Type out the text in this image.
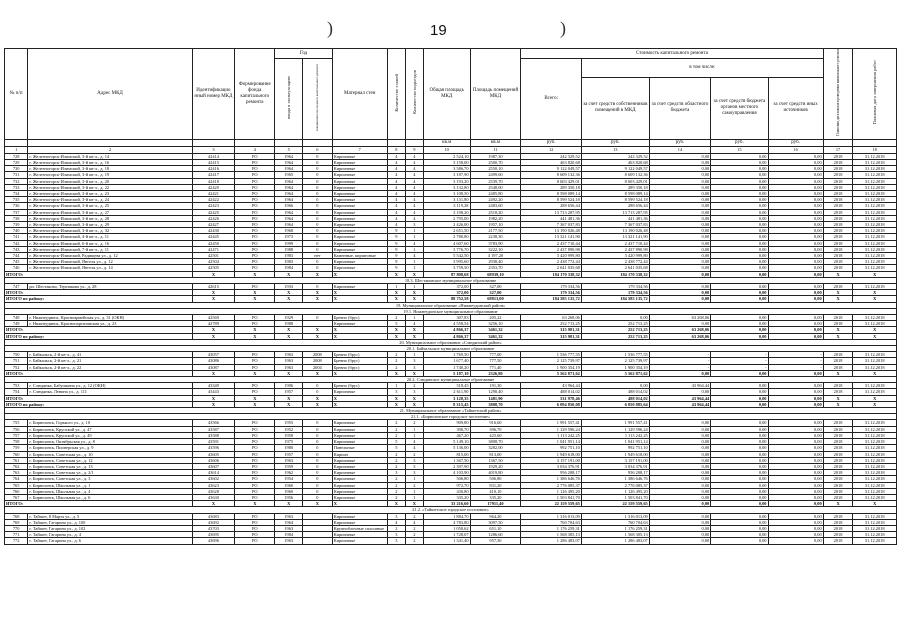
19
)	)
№ п/п	Адрес МКД	Идентификацио нный номер МКД	Формирование фонда капитального ремонта	Год		Материал стен	Количество этажей	Количество подъездов	Общая площадь МКД	Площадь помещений МКД	Стоимость капитального ремонта					Плановая дата начала проведения капитального ремонта	Плановая дата завершения работ
				ввода в эксплуатацию	завершения последнего капитального ремонта						Всего:	в том числе:					
												за счет средств собственников помещений в МКД	за счет средств областного бюджета	за счет средств бюджета органов местного самоуправления	за счет средств иных источников		
									кв.м	кв.м	руб.	руб.	руб.	руб.	руб.		
1	2	3	4	5	6	7	8	9	10	11	12	13	14	15	16	17	18
728	г. Железногорск-Илимский, 3-й кв-л., д. 14	42414	РО	1964	0	Кирпичные	4	4	2 524,10	1987,30	242 329,52	242 329,52	0,00	0,00	0,00	2018	31.12.2018
729	г. Железногорск-Илимский, 3-й кв-л., д. 16	42415	РО	1964	0	Кирпичные	4	4	3 158,00	2500,70	463 820,68	463 820,68	0,00	0,00	0,00	2018	31.12.2018
730	г. Железногорск-Илимский, 3-й кв-л., д. 18	42416	РО	1964	0	Кирпичные	4	4	3 586,70	2550,10	9 122 049,57	9 122 049,57	0,00	0,00	0,00	2018	31.12.2018
731	г. Железногорск-Илимский, 3-й кв-л., д. 19	42417	РО	1965	0	Кирпичные	4	4	3 187,90	2499,60	8 609 132,36	8 609 132,36	0,00	0,00	0,00	2018	31.12.2018
732	г. Железногорск-Илимский, 3-й кв-л., д. 20	42418	РО	1964	0	Кирпичные	4	4	3 193,20	2539,70	8 603 429,01	8 603 429,01	0,00	0,00	0,00	2018	31.12.2018
733	г. Железногорск-Илимский, 3-й кв-л., д. 22	42420	РО	1964	0	Кирпичные	4	4	3 132,80	2548,00	289 350,18	289 350,18	0,00	0,00	0,00	2018	31.12.2018
734	г. Железногорск-Илимский, 3-й кв-л., д. 23	42421	РО	1964	0	Кирпичные	4	4	3 108,50	2485,80	8 598 089,14	8 598 089,14	0,00	0,00	0,00	2018	31.12.2018
735	г. Железногорск-Илимский, 3-й кв-л., д. 24	42422	РО	1964	0	Кирпичные	4	4	3 131,80	2492,20	8 599 524,18	8 599 524,18	0,00	0,00	0,00	2018	31.12.2018
736	г. Железногорск-Илимский, 3-й кв-л., д. 25	42423	РО	1966	0	Кирпичные	4	4	3 119,28	2483,60	288 656,44	288 656,44	0,00	0,00	0,00	2018	31.12.2018
737	г. Железногорск-Илимский, 3-й кв-л., д. 27	42425	РО	1964	0	Кирпичные	4	4	3 198,20	2518,20	13 713 287,95	13 713 287,95	0,00	0,00	0,00	2018	31.12.2018
738	г. Железногорск-Илимский, 3-й кв-л., д. 28	42426	РО	1964	0	Кирпичные	4	4	2 795,00	1982,20	441 481,36	441 481,36	0,00	0,00	0,00	2018	31.12.2018
739	г. Железногорск-Илимский, 3-й кв-л., д. 29	42427	РО	1964	0	Кирпичные	4	3	2 426,00	1957,10	7 367 037,83	7 367 037,83	0,00	0,00	0,00	2018	31.12.2018
740	г. Железногорск-Илимский, 3-й кв-л., д. 32	42430	РО	1968	0	Кирпичные	9	1	2 651,50	2177,50	13 190 026,48	13 190 026,48	0,00	0,00	0,00	2018	31.12.2018
741	г. Железногорск-Илимский, 4-й кв-л., д. 11	42445	РО	1973	0	Кирпичные	9	1	2 780,80	2238,30	13 321 141,90	13 321 141,90	0,00	0,00	0,00	2018	31.12.2018
742	г. Железногорск-Илимский, 6-й кв-л., д. 16	42450	РО	1999	0	Кирпичные	9	4	4 607,60	3783,90	2 437 710,44	2 437 710,44	0,00	0,00	0,00	2018	31.12.2018
743	г. Железногорск-Илимский, 7-й кв-л., д. 11	42471	РО	1988	0	Кирпичные	9	1	3 776,70	3222,10	2 437 890,98	2 437 890,98	0,00	0,00	0,00	2018	31.12.2018
744	г. Железногорск-Илимский, Радищева ул., д. 12	42501	РО	1983	нет	Каменные, кирпичные	9	4	5 542,50	4 197,20	3 420 999,80	3 420 999,80	0,00	0,00	0,00	2018	31.12.2018
745	г. Железногорск-Илимский, Янгеля ул., д. 12	42504	РО	1983	0	Кирпичные	9	1	3 995,60	2938,40	2 438 772,44	2 438 772,44	0,00	0,00	0,00	2018	31.12.2018
746	г. Железногорск-Илимский, Янгеля ул., д. 14	42505	РО	1984	0	Кирпичные	9	1	3 759,50	2353,70	2 641 035,68	2 641 035,68	0,00	0,00	0,00	2018	31.12.2018
ИТОГО:		X	X	X	X	X	X	X	87 808,68	68939,10	184 170 338,32	184 170 338,32	0,00	0,00	0,00	X	X
18.3. Шестаковское муниципальное образование																	
747	рп. Шестаково, Терешкова ул., д. 28	42615	РО	1933	0	Кирпичные	1	1	372,00	327,00	179 334,56	179 334,56	0,00	0,00	0,00	2018	31.12.2018
ИТОГО:		X	X	X	X	X	X	X	372,00	327,00	179 334,56	179 334,56	0,00	0,00	0,00	X	X
ИТОГО по району:		X	X	X	X	X	X	X	88 752,58	69813,00	184 585 135,72	184 585 135,72	0,00	0,00	0,00	X	X
19. Муниципальное образование «Нижнеудинский район»																	
19.1. Нижнеудинское муниципальное образование																	
748	г. Нижнеудинск, Красноармейская ул., д. 31 (ОКН)	42569	РО	1929	0	Бревно (брус)	2	1	307,83	205,22	63 268,06	0,00	63 268,06	0,00	0,00	2018	31.12.2018
749	г. Нижнеудинск, Краснопартизанская ул., д. 23	42789	РО	1988		Кирпичные	5	4	4 558,54	3256,10	252 713,25	252 713,25	0,00	0,00	0,00	2018	31.12.2018
ИТОГО:		X	X	X	X	X	X	X	4 866,37	3461,32	315 981,31	252 713,25	63 268,06	0,00	0,00	X	X
ИТОГО по району:		X	X	X	X	X	X	X	4 866,37	3461,32	315 981,31	252 713,25	63 268,06	0,00	0,00	X	X
20. Муниципальное образование «Слюдянский район»																	
20.1. Байкальское муниципальное образование																	
750	г. Байкальск, 2-й кв-л., д. 41	43057	РО	1963	2008	Бревно (брус)	2	1	1 769,50	777,00	1 536 777,55	1 536 777,55	-	-	-	2018	31.12.2018
751	г. Байкальск, 2-й кв-л., д. 21	43086	РО	1963	2008	Бревно (брус)	2	3	1 677,40	777,50	2 125 739,97	2 125 739,97	-	-	-	2018	31.12.2018
752	г. Байкальск, 2-й кв-л., д. 22	43087	РО	1963	2004	Бревно (брус)	2	3	1 740,20	771,40	1 900 354,19	1 900 354,19	-	-	-	2018	31.12.2018
ИТОГО:		X	X	X	X	X	X	X	5 187,10	2326,80	5 562 871,62	5 562 871,62	0,00	0,00	0,00	X	X
20.2. Слюдянское муниципальное образование																	
753	г. Слюдянка, Бабушкина ул., д. 12 (ОКН)	43349	РО	1906	0	Бревно (брус)	1	2	518,45	191,30	43 964,44	0,00	43 964,44	0,00	0,00	2018	31.12.2018
754	г. Слюдянка, Ленина ул., д. 111	43443	РО	1957	0	Кирпичные	3	3	2 611,90	1290,40	488 014,02	488 014,02	0,00	0,00	0,00	2018	31.12.2018
ИТОГО:		X	X	X	X	X	X	X	3 128,35	1481,90	531 978,46	488 014,02	43 964,44	0,00	0,00	X	X
ИТОГО по району:		X	X	X	X	X	X	X	8 315,45	3808,70	6 094 850,08	6 050 885,64	43 964,44	0,00	0,00	X	X
21. Муниципальное образование «Тайшетский район»																	
21.1. «Бирюсинское городское поселение»																	
755	г. Бирюсинск, Горького ул., д. 10	43566	РО	1955	0	Кирпичные	2	2	909,80	916,60	1 991 557,41	1 991 557,41	0,00	0,00	0,00	2018	31.12.2018
756	г. Бирюсинск, Крупской ул., д. 47	43587	РО	1952	0	Кирпичные	2	1	398,70	396,70	1 129 596,24	1 129 596,24	0,00	0,00	0,00	2018	31.12.2018
757	г. Бирюсинск, Крупской ул., д. 49	43588	РО	1958	0	Кирпичные	2	1	467,20	425,60	1 113 242,25	1 113 242,25	0,00	0,00	0,00	2018	31.12.2018
758	г. Бирюсинск, Октябрьская ул., д. 8	43591	РО	1975	0	Кирпичные	5	4	5 149,10	3808,70	1 041 951,14	1 041 951,14	0,00	0,00	0,00	2018	31.12.2018
759	г. Бирюсинск, Пионерская ул., д. 9	43596	РО	1980	0	Панельные	5	4	5 136,00	3282,00	992 751,10	992 751,10	0,00	0,00	0,00	2018	31.12.2018
760	г. Бирюсинск, Советская ул., д. 10	43605	РО	1957	0	Кирпич	2	2	815,00	813,00	1 949 618,00	1 949 618,00	0,00	0,00	0,00	2018	31.12.2018
761	г. Бирюсинск, Советская ул., д. 12	43606	РО	1963	0	Кирпичные	2	3	1 367,50	1367,50	3 157 191,00	3 157 191,00	0,00	0,00	0,00	2018	31.12.2018
762	г. Бирюсинск, Советская ул., д. 13	43607	РО	1959	0	Кирпичные	2	3	2 397,90	1929,20	3 034 376,91	3 034 376,91	0,00	0,00	0,00	2018	31.12.2018
763	г. Бирюсинск, Советская ул., д. 2/1	43614	РО	1962	0	Кирпичные	3	3	4 103,90	4019,80	956 208,17	956 208,17	0,00	0,00	0,00	2018	31.12.2018
764	г. Бирюсинск, Советская ул., д. 3	43602	РО	1954	0	Кирпичные	2	1	506,80	506,80	1 386 646,76	1 386 646,76	0,00	0,00	0,00	2018	31.12.2018
765	г. Бирюсинск, Школьная ул., д. 1	43623	РО	1960	0	Кирпичные	2	2	972,70	831,20	2 776 085,37	2 776 085,37	0,00	0,00	0,00	2018	31.12.2018
766	г. Бирюсинск, Школьная ул., д. 4	43628	РО	1960	0	Кирпичные	2	1	430,80	410,10	1 126 495,20	1 126 495,20	0,00	0,00	0,00	2018	31.12.2018
767	г. Бирюсинск, Школьная ул., д. 6	43630	РО	1956	0	Кирпичные	2	1	335,20	335,20	1 503 841,70	1 503 841,70	0,00	0,00	0,00	2018	31.12.2018
ИТОГО:		X	X	X	X	X	X	X	33 216,60	17911,40	22 159 559,65	22 159 559,65	0,00	0,00	0,00	X	X
21.2. «Тайшетское городское поселение»																	
768	г. Тайшет, 8 Марта ул., д. 5	43683	РО	1963		Кирпичные	3	2	1 884,70	964,20	1 316 013,09	1 316 013,09	0,00	0,00	0,00	2018	31.12.2018
769	г. Тайшет, Гагарина ул., д. 100	43692	РО	1964		Кирпичные	4	4	4 783,80	3097,50	760 704,63	760 704,63	0,00	0,00	0,00	2018	31.12.2018
770	г. Тайшет, Гагарина ул., д. 102	43703	РО	1963		Крупноблочные сплошные	2	2	1 058,62	651,10	1 176 259,31	1 176 259,31	0,00	0,00	0,00	2018	31.12.2018
771	г. Тайшет, Гагарина ул., д. 4	43695	РО	1984		Кирпичные	3	2	1 728,07	1286,60	1 568 305,13	1 568 305,13	0,00	0,00	0,00	2018	31.12.2018
772	г. Тайшет, Гагарина ул., д. 6	43696	РО	1963		Кирпичные	3	2	1 341,40	957,30	1 286 483,07	1 286 483,07	0,00	0,00	0,00	2018	31.12.2018
